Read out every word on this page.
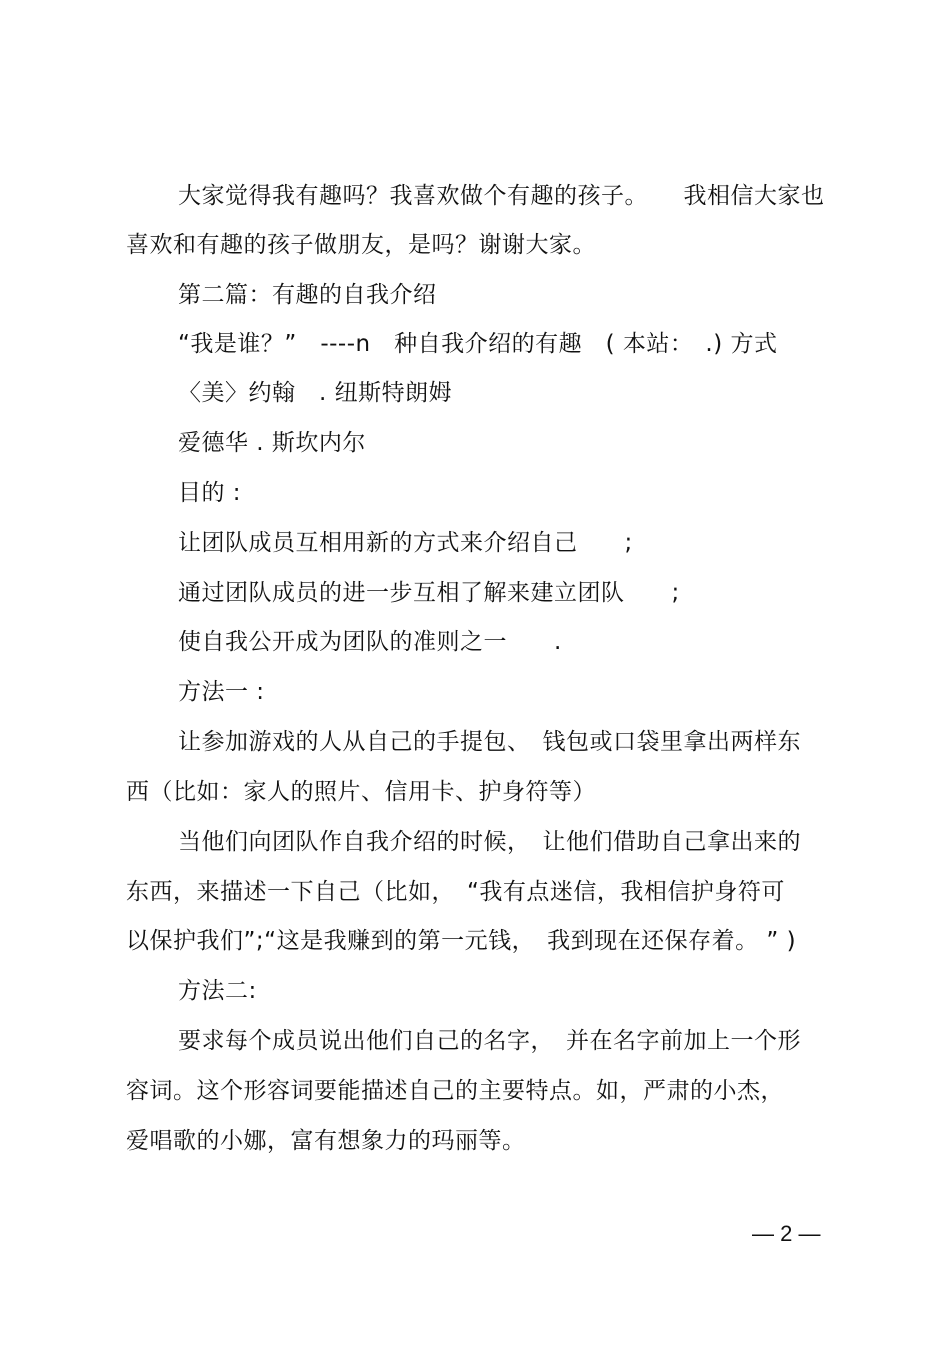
大家觉得我有趣吗？我喜欢做个有趣的孩子。　　我相信大家也
喜欢和有趣的孩子做朋友，是吗？谢谢大家。
第二篇：有趣的自我介绍
“我是谁？”　----n　种自我介绍的有趣　( 本站：　.) 方式
〈美〉约翰　. 纽斯特朗姆
爱德华 . 斯坎内尔
目的 :
让团队成员互相用新的方式来介绍自己　　;
通过团队成员的进一步互相了解来建立团队　　;
使自我公开成为团队的准则之一　　.
方法一 :
让参加游戏的人从自己的手提包、　钱包或口袋里拿出两样东
西（比如：家人的照片、信用卡、护身符等）
当他们向团队作自我介绍的时候，　让他们借助自己拿出来的
东西，来描述一下自己（比如，　“我有点迷信，我相信护身符可
以保护我们”;“这是我赚到的第一元钱，　我到现在还保存着。 ” )
方法二:
要求每个成员说出他们自己的名字，　并在名字前加上一个形
容词。这个形容词要能描述自己的主要特点。如，严肃的小杰，
爱唱歌的小娜，富有想象力的玛丽等。
— 2 —
